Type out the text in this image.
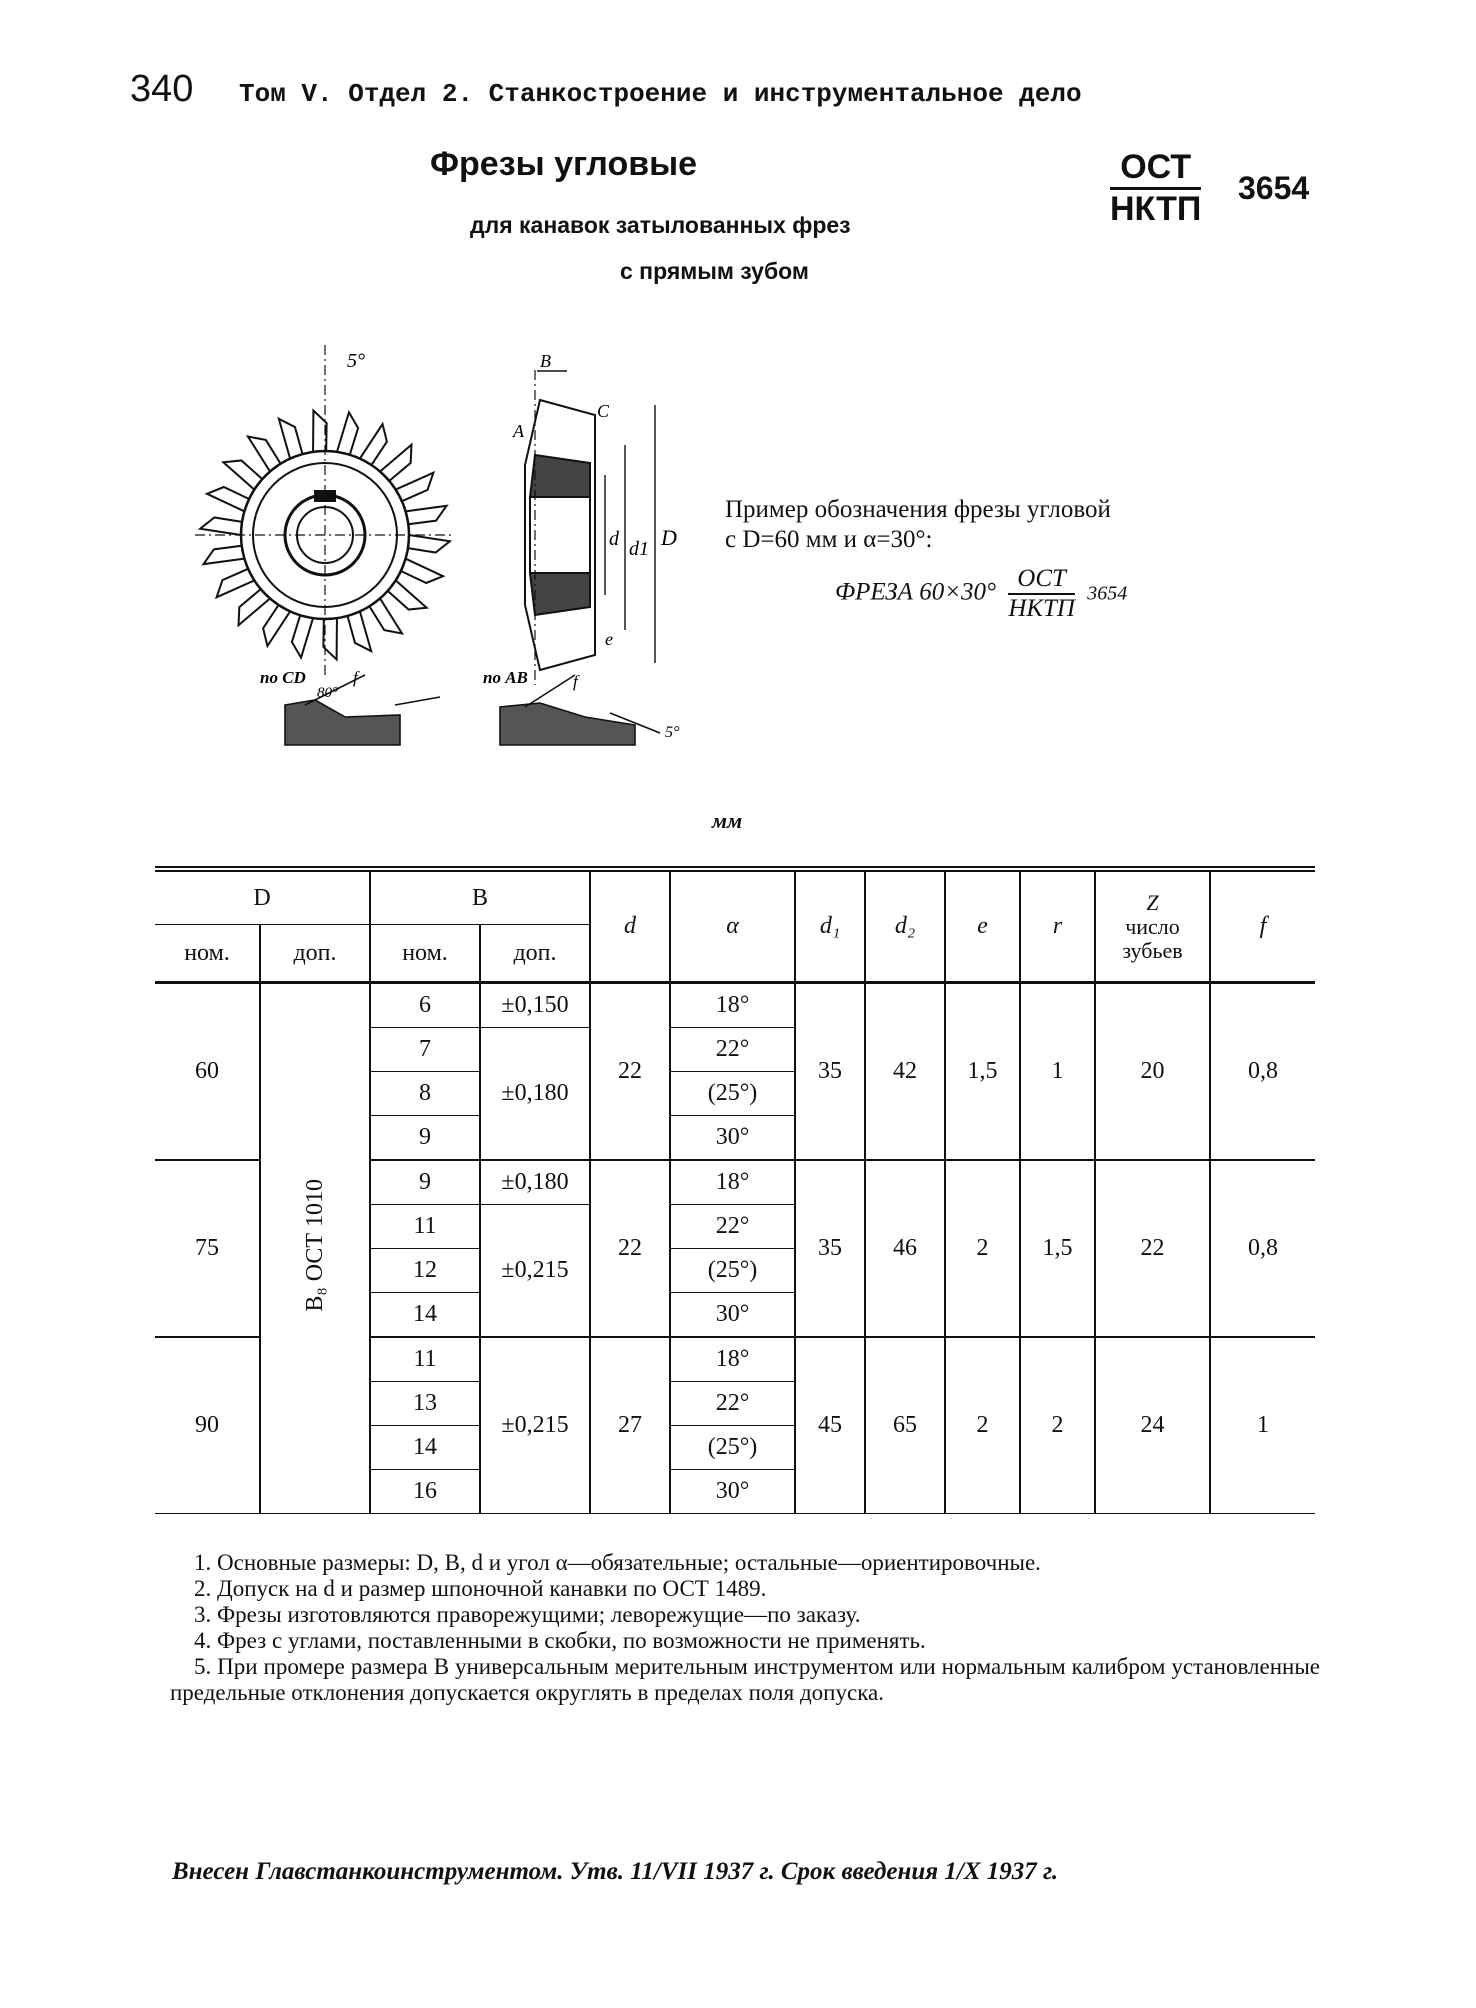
340 Том V. Отдел 2. Станкостроение и инструментальное дело
Фрезы угловые
для канавок затылованных фрез
с прямым зубом
ОСТ
НКТП
3654
5°
по CD
80°
f
B
A
C
d d1 D
e
по AB	f
5°
Пример обозначения фрезы угловой
с D=60 мм и α=30°:
ФРЕЗА $60\times 30^\circ \frac{\text{ОСТ}}{\text{НКТП}} 3654$
мм
D		B		d	α	d₁	d₂	e	r	Z
число
зубьев	f
ном.	доп.	ном.	доп.								
60	B₈ ОСТ 1010	6	±0,150	22	18°	35	42	1,5	1	20	0,8
		7	±0,180		22°						
		8			(25°)						
		9			30°						
75		9	±0,180	22	18°	35	46	2	1,5	22	0,8
		11	±0,215		22°						
		12			(25°)						
		14			30°						
90		11	±0,215	27	18°	45	65	2	2	24	1
		13			22°						
		14			(25°)						
		16			30°						

1. Основные размеры: D, B, d и угол α—обязательные; остальные—ориентировочные.

2. Допуск на d и размер шпоночной канавки по ОСТ 1489.

3. Фрезы изготовляются праворежущими; леворежущие—по заказу.

4. Фрез с углами, поставленными в скобки, по возможности не применять.

5. При промере размера B универсальным мерительным инструментом или нормальным калибром установленные предельные отклонения допускается округлять в пределах поля допуска.

Внесен Главстанкоинструментом. Утв. 11/VII 1937 г. Срок введения 1/X 1937 г.
